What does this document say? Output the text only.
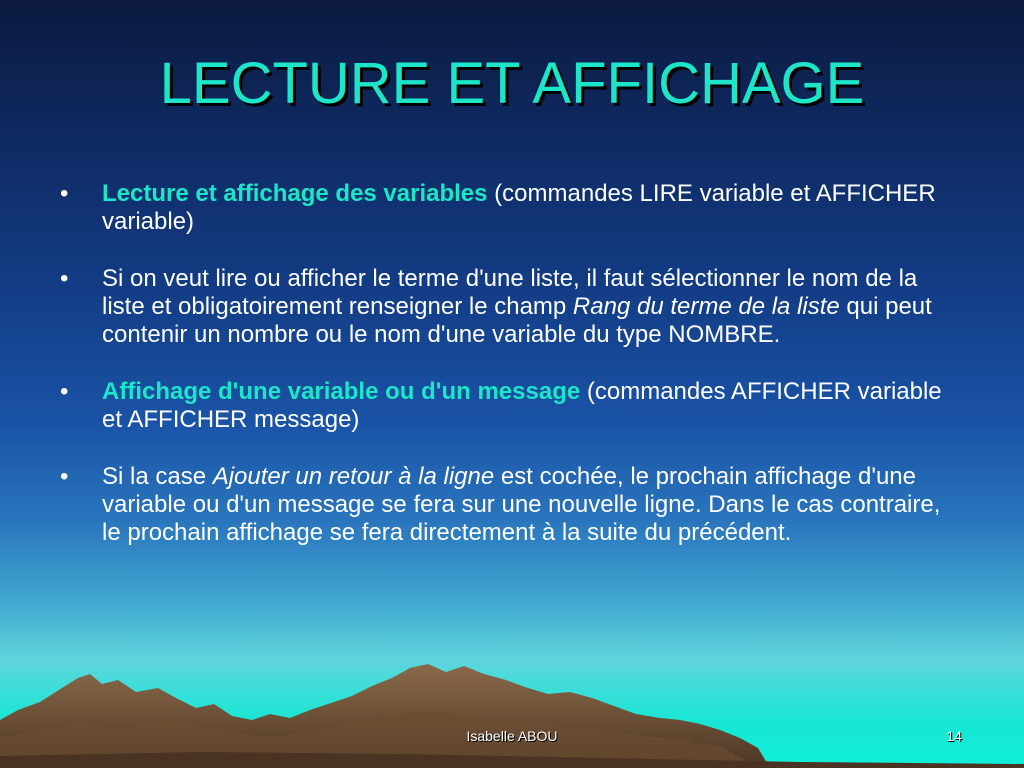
LECTURE ET AFFICHAGE
• Lecture et affichage des variables (commandes LIRE variable et AFFICHER variable)
• Si on veut lire ou afficher le terme d'une liste, il faut sélectionner le nom de la liste et obligatoirement renseigner le champ Rang du terme de la liste qui peut contenir un nombre ou le nom d'une variable du type NOMBRE.
• Affichage d'une variable ou d'un message (commandes AFFICHER variable et AFFICHER message)
• Si la case Ajouter un retour à la ligne est cochée, le prochain affichage d'une variable ou d'un message se fera sur une nouvelle ligne. Dans le cas contraire, le prochain affichage se fera directement à la suite du précédent.
Isabelle ABOU	14
